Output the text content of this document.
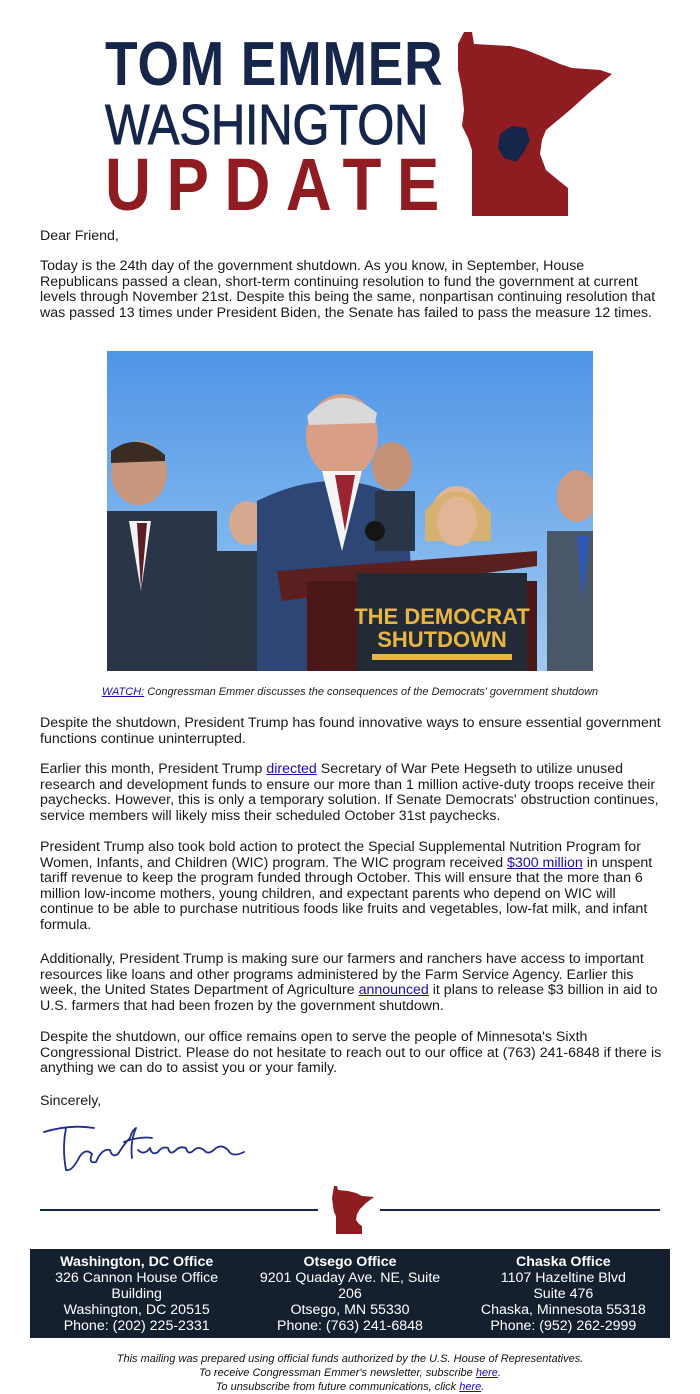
TOM EMMER
WASHINGTON
UPDATE

Dear Friend,

Today is the 24th day of the government shutdown. As you know, in September, House Republicans passed a clean, short-term continuing resolution to fund the government at current levels through November 21st. Despite this being the same, nonpartisan continuing resolution that was passed 13 times under President Biden, the Senate has failed to pass the measure 12 times.

THE DEMOCRAT
SHUTDOWN
WATCH: Congressman Emmer discusses the consequences of the Democrats' government shutdown

Despite the shutdown, President Trump has found innovative ways to ensure essential government functions continue uninterrupted.

Earlier this month, President Trump directed Secretary of War Pete Hegseth to utilize unused research and development funds to ensure our more than 1 million active-duty troops receive their paychecks. However, this is only a temporary solution. If Senate Democrats' obstruction continues, service members will likely miss their scheduled October 31st paychecks.

President Trump also took bold action to protect the Special Supplemental Nutrition Program for Women, Infants, and Children (WIC) program. The WIC program received $300 million in unspent tariff revenue to keep the program funded through October. This will ensure that the more than 6 million low-income mothers, young children, and expectant parents who depend on WIC will continue to be able to purchase nutritious foods like fruits and vegetables, low-fat milk, and infant formula.

Additionally, President Trump is making sure our farmers and ranchers have access to important resources like loans and other programs administered by the Farm Service Agency. Earlier this week, the United States Department of Agriculture announced it plans to release $3 billion in aid to U.S. farmers that had been frozen by the government shutdown.

Despite the shutdown, our office remains open to serve the people of Minnesota's Sixth Congressional District. Please do not hesitate to reach out to our office at (763) 241-6848 if there is anything we can do to assist you or your family.

Sincerely,

Washington, DC Office
326 Cannon House Office
Building
Washington, DC 20515
Phone: (202) 225-2331
Otsego Office
9201 Quaday Ave. NE, Suite
206
Otsego, MN 55330
Phone: (763) 241-6848
Chaska Office
1107 Hazeltine Blvd
Suite 476
Chaska, Minnesota 55318
Phone: (952) 262-2999
This mailing was prepared using official funds authorized by the U.S. House of Representatives.
To receive Congressman Emmer's newsletter, subscribe here.
To unsubscribe from future communications, click here.
